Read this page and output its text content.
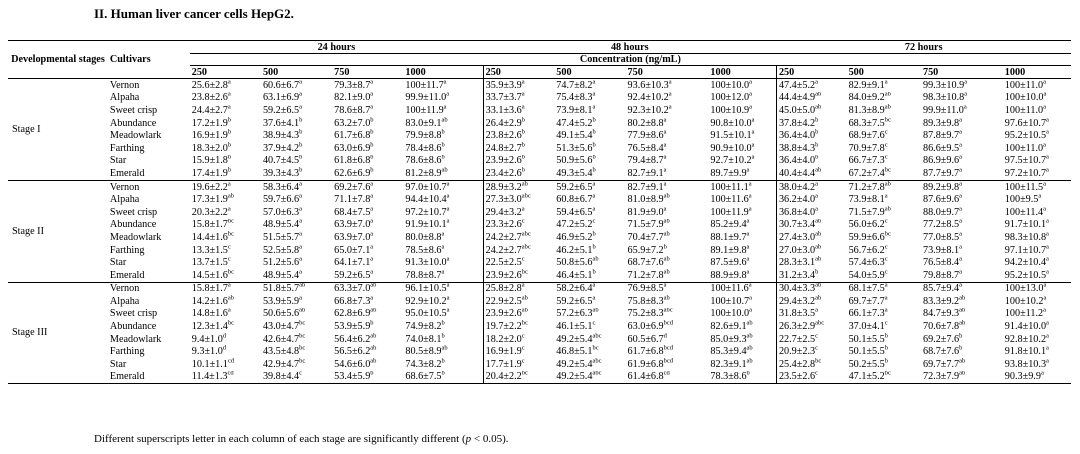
II. Human liver cancer cells HepG2.
Developmental stages	Cultivars	24 hours				48 hours				72 hours			
		Concentration (ng/mL)											
		250	500	750	1000	250	500	750	1000	250	500	750	1000
Stage I	Vernon	25.6±2.8$^a$	60.6±6.7$^a$	79.3±8.7$^a$	100±11.7$^a$	35.9±3.9$^a$	74.7±8.2$^a$	93.6±10.3$^a$	100±10.0$^a$	47.4±5.2$^a$	82.9±9.1$^a$	99.3±10.9$^a$	100±11.0$^a$
	Alpaha	23.8±2.6$^a$	63.1±6.9$^a$	82.1±9.0$^a$	99.9±11.0$^a$	33.7±3.7$^a$	75.4±8.3$^a$	92.4±10.2$^a$	100±12.0$^a$	44.4±4.9$^{ab}$	84.0±9.2$^{ab}$	98.3±10.8$^a$	100±10.0$^a$
	Sweet crisp	24.4±2.7$^a$	59.2±6.5$^a$	78.6±8.7$^a$	100±11.9$^a$	33.1±3.6$^a$	73.9±8.1$^a$	92.3±10.2$^a$	100±10.9$^a$	45.0±5.0$^{ab}$	81.3±8.9$^{ab}$	99.9±11.0$^a$	100±11.0$^a$
	Abundance	17.2±1.9$^b$	37.6±4.1$^b$	63.2±7.0$^b$	83.0±9.1$^{ab}$	26.4±2.9$^b$	47.4±5.2$^b$	80.2±8.8$^a$	90.8±10.0$^a$	37.8±4.2$^b$	68.3±7.5$^{bc}$	89.3±9.8$^a$	97.6±10.7$^a$
	Meadowlark	16.9±1.9$^b$	38.9±4.3$^b$	61.7±6.8$^b$	79.9±8.8$^b$	23.8±2.6$^b$	49.1±5.4$^b$	77.9±8.6$^a$	91.5±10.1$^a$	36.4±4.0$^b$	68.9±7.6$^c$	87.8±9.7$^a$	95.2±10.5$^a$
	Farthing	18.3±2.0$^b$	37.9±4.2$^b$	63.0±6.9$^b$	78.4±8.6$^b$	24.8±2.7$^b$	51.3±5.6$^b$	76.5±8.4$^a$	90.9±10.0$^a$	38.8±4.3$^b$	70.9±7.8$^c$	86.6±9.5$^a$	100±11.0$^a$
	Star	15.9±1.8$^b$	40.7±4.5$^b$	61.8±6.8$^b$	78.6±8.6$^b$	23.9±2.6$^b$	50.9±5.6$^b$	79.4±8.7$^a$	92.7±10.2$^a$	36.4±4.0$^b$	66.7±7.3$^c$	86.9±9.6$^a$	97.5±10.7$^a$
	Emerald	17.4±1.9$^b$	39.3±4.3$^b$	62.6±6.9$^b$	81.2±8.9$^{ab}$	23.4±2.6$^b$	49.3±5.4$^b$	82.7±9.1$^a$	89.7±9.9$^a$	40.4±4.4$^{ab}$	67.2±7.4$^{bc}$	87.7±9.7$^a$	97.2±10.7$^a$
Stage II	Vernon	19.6±2.2$^a$	58.3±6.4$^a$	69.2±7.6$^a$	97.0±10.7$^a$	28.9±3.2$^{ab}$	59.2±6.5$^a$	82.7±9.1$^a$	100±11.1$^a$	38.0±4.2$^a$	71.2±7.8$^{ab}$	89.2±9.8$^a$	100±11.5$^a$
	Alpaha	17.3±1.9$^{ab}$	59.7±6.6$^a$	71.1±7.8$^a$	94.4±10.4$^a$	27.3±3.0$^{abc}$	60.8±6.7$^a$	81.0±8.9$^{ab}$	100±11.6$^a$	36.2±4.0$^a$	73.9±8.1$^a$	87.6±9.6$^a$	100±9.5$^a$
	Sweet crisp	20.3±2.2$^a$	57.0±6.3$^a$	68.4±7.5$^a$	97.2±10.7$^a$	29.4±3.2$^a$	59.4±6.5$^a$	81.9±9.0$^a$	100±11.9$^a$	36.8±4.0$^a$	71.5±7.9$^{ab}$	88.0±9.7$^a$	100±11.4$^a$
	Abundance	15.8±1.7$^{bc}$	48.9±5.4$^a$	63.9±7.0$^a$	91.9±10.1$^a$	23.3±2.6$^c$	47.2±5.2$^c$	71.5±7.9$^{ab}$	85.2±9.4$^a$	30.7±3.4$^{ab}$	56.0±6.2$^c$	77.2±8.5$^a$	91.7±10.1$^a$
	Meadowlark	14.4±1.6$^{bc}$	51.5±5.7$^a$	63.9±7.0$^a$	80.0±8.8$^a$	24.2±2.7$^{abc}$	46.9±5.2$^b$	70.4±7.7$^{ab}$	88.1±9.7$^a$	27.4±3.0$^{ab}$	59.9±6.6$^{bc}$	77.0±8.5$^a$	98.3±10.8$^a$
	Farthing	13.3±1.5$^c$	52.5±5.8$^a$	65.0±7.1$^a$	78.5±8.6$^a$	24.2±2.7$^{abc}$	46.2±5.1$^b$	65.9±7.2$^b$	89.1±9.8$^a$	27.0±3.0$^{ab}$	56.7±6.2$^c$	73.9±8.1$^a$	97.1±10.7$^a$
	Star	13.7±1.5$^c$	51.2±5.6$^a$	64.1±7.1$^a$	91.3±10.0$^a$	22.5±2.5$^c$	50.8±5.6$^{ab}$	68.7±7.6$^{ab}$	87.5±9.6$^a$	28.3±3.1$^{ab}$	57.4±6.3$^c$	76.5±8.4$^a$	94.2±10.4$^a$
	Emerald	14.5±1.6$^{bc}$	48.9±5.4$^a$	59.2±6.5$^a$	78.8±8.7$^a$	23.9±2.6$^{bc}$	46.4±5.1$^b$	71.2±7.8$^{ab}$	88.9±9.8$^a$	31.2±3.4$^b$	54.0±5.9$^c$	79.8±8.7$^a$	95.2±10.5$^a$
Stage III	Vernon	15.8±1.7$^a$	51.8±5.7$^{ab}$	63.3±7.0$^{ab}$	96.1±10.5$^a$	25.8±2.8$^a$	58.2±6.4$^a$	76.9±8.5$^a$	100±11.6$^a$	30.4±3.3$^{ab}$	68.1±7.5$^a$	85.7±9.4$^a$	100±13.0$^a$
	Alpaha	14.2±1.6$^{ab}$	53.9±5.9$^a$	66.8±7.3$^a$	92.9±10.2$^a$	22.9±2.5$^{ab}$	59.2±6.5$^a$	75.8±8.3$^{ab}$	100±10.7$^a$	29.4±3.2$^{ab}$	69.7±7.7$^a$	83.3±9.2$^{ab}$	100±10.2$^a$
	Sweet crisp	14.8±1.6$^a$	50.6±5.6$^{ab}$	62.8±6.9$^{ab}$	95.0±10.5$^a$	23.9±2.6$^{ab}$	57.2±6.3$^{ab}$	75.2±8.3$^{abc}$	100±10.0$^a$	31.8±3.5$^a$	66.1±7.3$^a$	84.7±9.3$^{ab}$	100±11.2$^a$
	Abundance	12.3±1.4$^{bc}$	43.0±4.7$^{bc}$	53.9±5.9$^b$	74.9±8.2$^b$	19.7±2.2$^{bc}$	46.1±5.1$^c$	63.0±6.9$^{bcd}$	82.6±9.1$^{ab}$	26.3±2.9$^{abc}$	37.0±4.1$^c$	70.6±7.8$^{ab}$	91.4±10.0$^a$
	Meadowlark	9.4±1.0$^d$	42.6±4.7$^{bc}$	56.4±6.2$^{ab}$	74.0±8.1$^b$	18.2±2.0$^c$	49.2±5.4$^{abc}$	60.5±6.7$^d$	85.0±9.3$^{ab}$	22.7±2.5$^c$	50.1±5.5$^b$	69.2±7.6$^b$	92.8±10.2$^a$
	Farthing	9.3±1.0$^d$	43.5±4.8$^{bc}$	56.5±6.2$^{ab}$	80.5±8.9$^{ab}$	16.9±1.9$^c$	46.8±5.1$^{bc}$	61.7±6.8$^{bcd}$	85.3±9.4$^{ab}$	20.9±2.3$^c$	50.1±5.5$^b$	68.7±7.6$^b$	91.8±10.1$^a$
	Star	10.1±1.1$^{cd}$	42.9±4.7$^{bc}$	54.6±6.0$^{ab}$	74.3±8.2$^b$	17.7±1.9$^c$	49.2±5.4$^{abc}$	61.9±6.8$^{bcd}$	82.3±9.1$^{ab}$	25.4±2.8$^{bc}$	50.2±5.5$^b$	69.7±7.7$^{ab}$	93.8±10.3$^a$
	Emerald	11.4±1.3$^{cd}$	39.8±4.4$^c$	53.4±5.9$^b$	68.6±7.5$^b$	20.4±2.2$^{bc}$	49.2±5.4$^{abc}$	61.4±6.8$^{cd}$	78.3±8.6$^b$	23.5±2.6$^c$	47.1±5.2$^{bc}$	72.3±7.9$^{ab}$	90.3±9.9$^a$

Different superscripts letter in each column of each stage are significantly different (p < 0.05).
